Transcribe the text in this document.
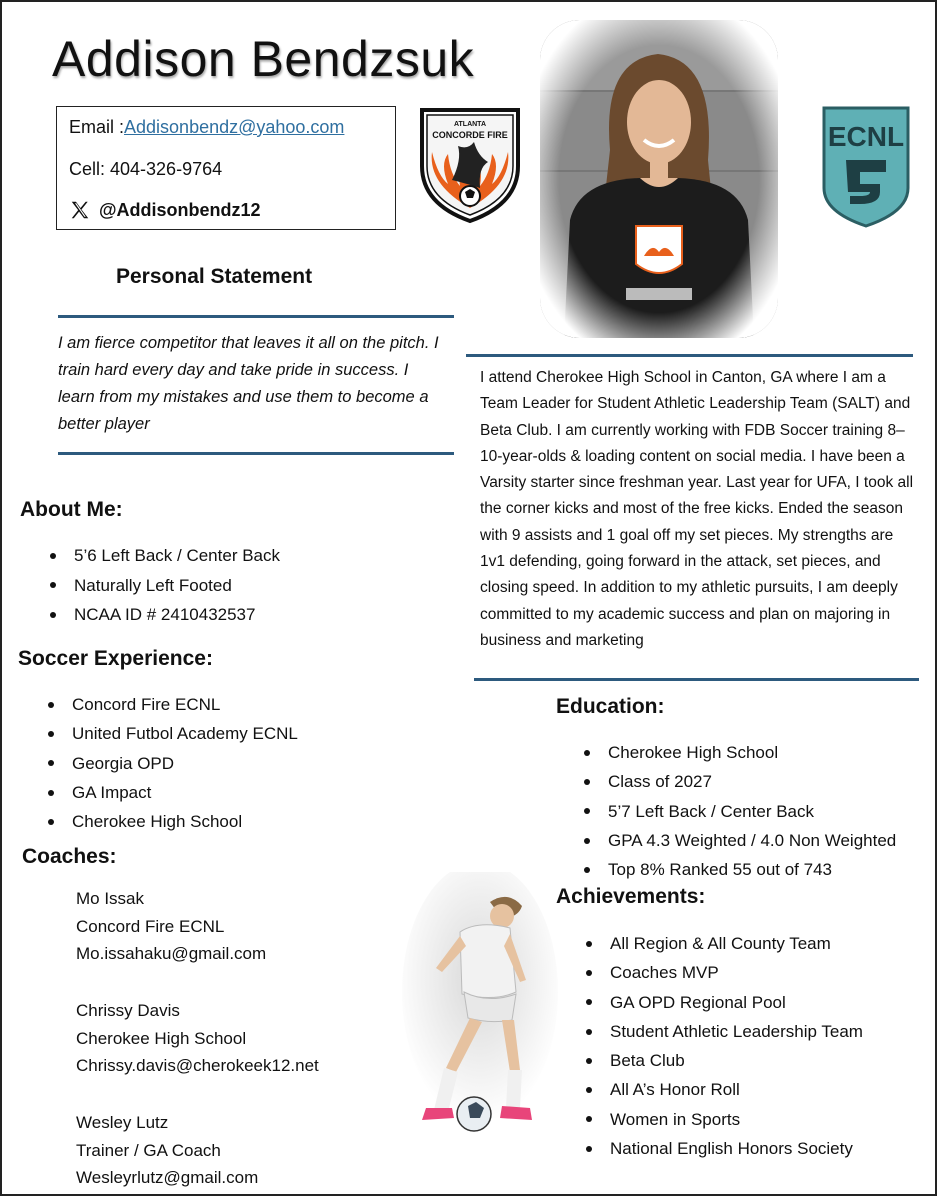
Addison Bendzsuk
Email :Addisonbendz@yahoo.com
Cell: 404-326-9764
@Addisonbendz12
ATLANTA
CONCORDE FIRE	ECNL
Personal Statement
I am fierce competitor that leaves it all on the pitch. I train hard every day and take pride in success. I learn from my mistakes and use them to become a better player
I attend Cherokee High School in Canton, GA where I am a Team Leader for Student Athletic Leadership Team (SALT) and Beta Club. I am currently working with FDB Soccer training 8–10-year-olds & loading content on social media. I have been a Varsity starter since freshman year. Last year for UFA, I took all the corner kicks and most of the free kicks. Ended the season with 9 assists and 1 goal off my set pieces. My strengths are 1v1 defending, going forward in the attack, set pieces, and closing speed. In addition to my athletic pursuits, I am deeply committed to my academic success and plan on majoring in business and marketing
About Me:
5’6 Left Back / Center Back
Naturally Left Footed
NCAA ID # 2410432537
Soccer Experience:
Concord Fire ECNL
United Futbol Academy ECNL
Georgia OPD
GA Impact
Cherokee High School
Coaches:
Mo Issak
Concord Fire ECNL
Mo.issahaku@gmail.com
Chrissy Davis
Cherokee High School
Chrissy.davis@cherokeek12.net
Wesley Lutz
Trainer / GA Coach
Wesleyrlutz@gmail.com
Education:
Cherokee High School
Class of 2027
5’7 Left Back / Center Back
GPA 4.3 Weighted / 4.0 Non Weighted
Top 8% Ranked 55 out of 743
Achievements:
All Region & All County Team
Coaches MVP
GA OPD Regional Pool
Student Athletic Leadership Team
Beta Club
All A’s Honor Roll
Women in Sports
National English Honors Society
